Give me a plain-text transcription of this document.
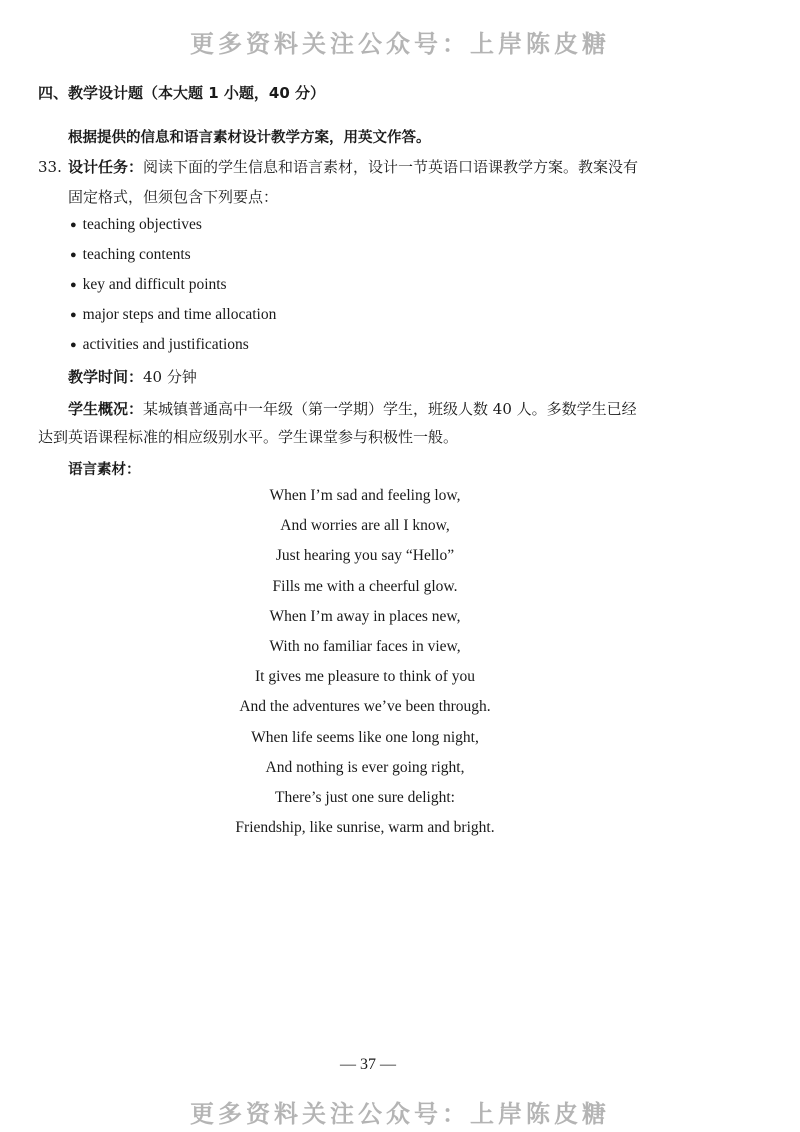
更多资料关注公众号：上岸陈皮糖
四、教学设计题（本大题 1 小题，40 分）
根据提供的信息和语言素材设计教学方案，用英文作答。
33. 设计任务：阅读下面的学生信息和语言素材，设计一节英语口语课教学方案。教案没有
固定格式，但须包含下列要点：
● teaching objectives
● teaching contents
● key and difficult points
● major steps and time allocation
● activities and justifications
教学时间：40 分钟
学生概况：某城镇普通高中一年级（第一学期）学生，班级人数 40 人。多数学生已经
达到英语课程标准的相应级别水平。学生课堂参与积极性一般。
语言素材：
When I’m sad and feeling low,
And worries are all I know,
Just hearing you say “Hello”
Fills me with a cheerful glow.
When I’m away in places new,
With no familiar faces in view,
It gives me pleasure to think of you
And the adventures we’ve been through.
When life seems like one long night,
And nothing is ever going right,
There’s just one sure delight:
Friendship, like sunrise, warm and bright.
— 37 —
更多资料关注公众号：上岸陈皮糖
